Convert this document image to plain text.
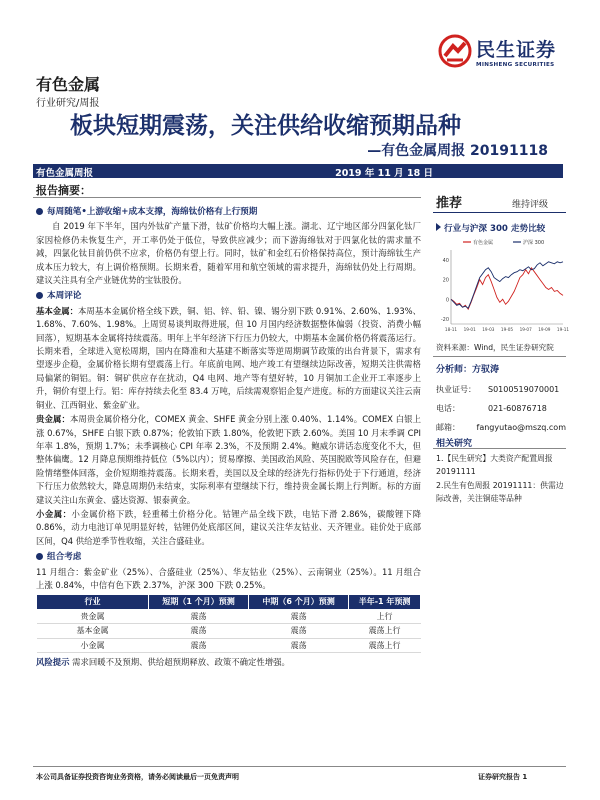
民生证券
MINSHENG SECURITIES
有色金属
行业研究/周报
板块短期震荡，关注供给收缩预期品种
—有色金属周报 20191118
有色金属周报	2019 年 11 月 18 日
报告摘要：
每周随笔•上游收缩+成本支撑，海绵钛价格有上行预期
自 2019 年下半年，国内外钛矿产量下滑，钛矿价格均大幅上涨。湖北、辽宁地区部分四氯化钛厂家因检修仍未恢复生产，开工率仍处于低位，导致供应减少；而下游海绵钛对于四氯化钛的需求量不减，四氯化钛目前仍供不应求，价格仍有望上行。同时，钛矿和金红石价格保持高位，预计海绵钛生产成本压力较大，有上调价格预期。长期来看，随着军用和航空领域的需求提升，海绵钛仍处上行周期。建议关注具有全产业链优势的宝钛股份。
本周评论
基本金属：本周基本金属价格全线下跌，铜、铝、锌、铅、镍、锡分别下跌 0.91%、2.60%、1.93%、1.68%、7.60%、1.98%。上周贸易谈判取得进展，但 10 月国内经济数据整体偏弱（投资、消费小幅回落），短期基本金属将持续震荡。明年上半年经济下行压力仍较大，中期基本金属价格仍将震荡运行。长期来看，全球进入宽松周期，国内在降准和大基建不断落实等逆周期调节政策的出台背景下，需求有望逐步企稳，金属价格长期有望震荡上行。年底前电网、地产竣工有望继续边际改善，短期关注供需格局偏紧的铜铝。铜：铜矿供应存在扰动，Q4 电网、地产等有望好转，10 月铜加工企业开工率逐步上升，铜价有望上行。铝：库存持续去化至 83.4 万吨，后续需观察铝企复产进度。标的方面建议关注云南铜业、江西铜业、紫金矿业。
贵金属：本周贵金属价格分化，COMEX 黄金、SHFE 黄金分别上涨 0.40%、1.14%。COMEX 白银上涨 0.67%，SHFE 白银下跌 0.87%；伦敦铂下跌 1.80%，伦敦钯下跌 2.60%。美国 10 月末季调 CPI 年率 1.8%，预期 1.7%；未季调核心 CPI 年率 2.3%，不及预期 2.4%。鲍威尔讲话态度变化不大，但整体偏鹰。12 月降息预期维持低位（5%以内）；贸易摩擦、美国政治风险、英国脱欧等风险存在，但避险情绪整体回落，金价短期维持震荡。长期来看，美国以及全球的经济先行指标仍处于下行通道，经济下行压力依然较大，降息周期仍未结束，实际利率有望继续下行，维持贵金属长期上行判断。标的方面建议关注山东黄金、盛达资源、银泰黄金。
小金属：小金属价格下跌，轻重稀土价格分化。钴锂产品全线下跌，电钴下滑 2.86%，碳酸锂下降 0.86%，动力电池订单见明显好转，钴锂仍处底部区间，建议关注华友钴业、天齐锂业。硅价处于底部区间，Q4 供给逆季节性收缩，关注合盛硅业。
组合考虑
11 月组合：紫金矿业（25%）、合盛硅业（25%）、华友钴业（25%）、云南铜业（25%）。11 月组合上涨 0.84%，中信有色下跌 2.37%，沪深 300 下跌 0.25%。
行业	短期（1 个月）预测	中期（6 个月）预测	半年-1 年预测
贵金属	震荡	震荡	上行
基本金属	震荡	震荡	震荡上行
小金属	震荡	震荡	震荡上行
风险提示 需求回暖不及预期、供给超预期释放、政策不确定性增强。
推荐	维持评级
行业与沪深 300 走势比较
40
20
0
-20
18-11 19-01 19-03 19-05 19-07 19-09 19-11
有色金属	沪深 300
资料来源：Wind，民生证券研究院
分析师：方驭涛
执业证号：	S0100519070001
电话：	021-60876718
邮箱：	fangyutao@mszq.com
相关研究
1.【民生研究】大类资产配置周报 20191111
2.民生有色周报 20191111：供需边际改善，关注铜硅等品种
本公司具备证券投资咨询业务资格，请务必阅读最后一页免责声明	证券研究报告 1
